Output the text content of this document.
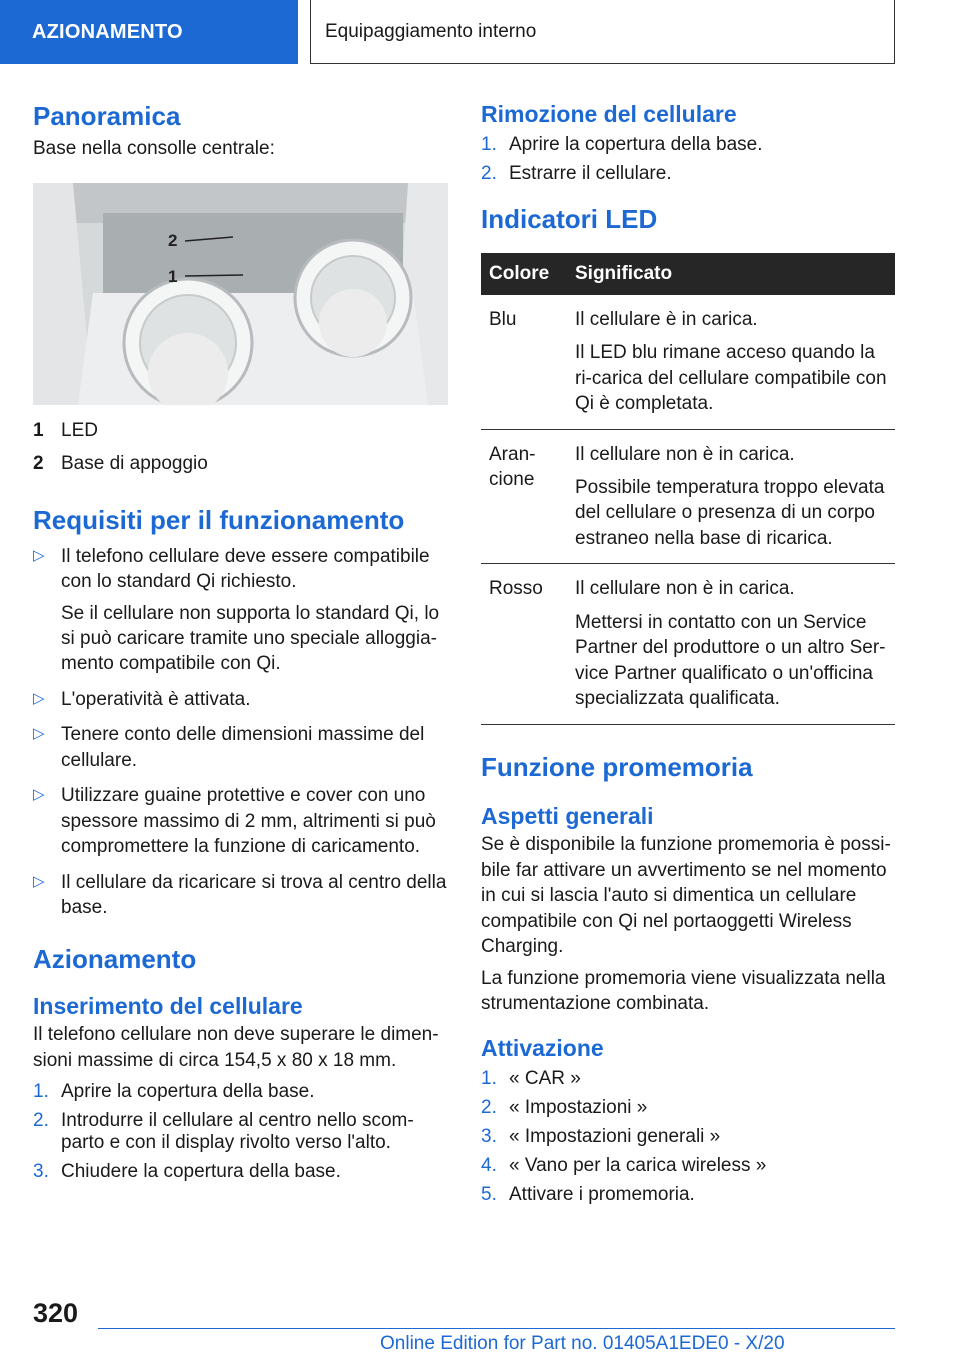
AZIONAMENTO	Equipaggiamento interno
Panoramica

Base nella consolle centrale:

2
1
1 LED
2 Base di appoggio
Requisiti per il funzionamento
▷ Il telefono cellulare deve essere compatibile con lo standard Qi richiesto.

Se il cellulare non supporta lo standard Qi, lo si può caricare tramite uno speciale alloggia-mento compatibile con Qi.

▷ L'operatività è attivata.

▷ Tenere conto delle dimensioni massime del cellulare.

▷ Utilizzare guaine protettive e cover con uno spessore massimo di 2 mm, altrimenti si può compromettere la funzione di caricamento.

▷ Il cellulare da ricaricare si trova al centro della base.

Azionamento
Inserimento del cellulare

Il telefono cellulare non deve superare le dimen-sioni massime di circa 154,5 x 80 x 18 mm.

1. Aprire la copertura della base.
2. Introdurre il cellulare al centro nello scom-parto e con il display rivolto verso l'alto.
3. Chiudere la copertura della base.
Rimozione del cellulare
1. Aprire la copertura della base.
2. Estrarre il cellulare.
Indicatori LED
Colore	Significato
Blu	Il cellulare è in carica.

Il LED blu rimane acceso quando la ri-carica del cellulare compatibile con Qi è completata.

Aran-cione	Il cellulare non è in carica.

Possibile temperatura troppo elevata del cellulare o presenza di un corpo estraneo nella base di ricarica.

Rosso	Il cellulare non è in carica.

Mettersi in contatto con un Service Partner del produttore o un altro Ser-vice Partner qualificato o un'officina specializzata qualificata.

Funzione promemoria
Aspetti generali

Se è disponibile la funzione promemoria è possi-bile far attivare un avvertimento se nel momento in cui si lascia l'auto si dimentica un cellulare compatibile con Qi nel portaoggetti Wireless Charging.

La funzione promemoria viene visualizzata nella strumentazione combinata.

Attivazione
1. « CAR »
2. « Impostazioni »
3. « Impostazioni generali »
4. « Vano per la carica wireless »
5. Attivare i promemoria.
320
Online Edition for Part no. 01405A1EDE0 - X/20
